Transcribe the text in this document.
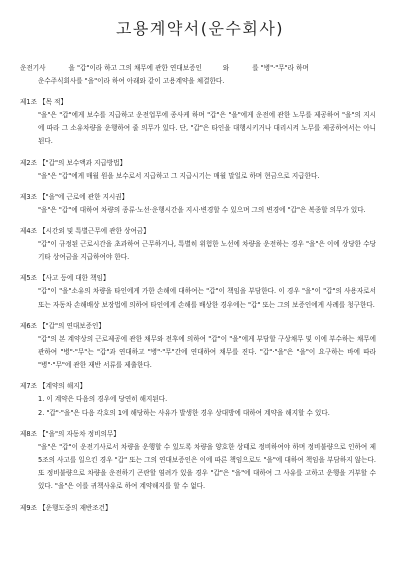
고용계약서(운수회사)
운전기사           을 "갑"이라 하고 그의 채무에 관한 연대보증인          와           를 "병"·"무"라 하며
운수주식회사를 "을"이라 하여 아래와 같이 고용계약을 체결한다.
제1조 【목 적】
"을"은 "갑"에게 보수를 지급하고 운전업무에 종사케 하며 "갑"은 "을"에게 운전에 관한 노무를 제공하여 "을"의 지시에 따라 그 소유차량을 운행하여 줄 의무가 있다. 단, "갑"은 타인을 대행시키거나 대리시켜 노무를 제공하여서는 아니된다.
제2조 【"갑"의 보수액과 지급방법】
"을"은 "갑"에게 매월 원을 보수로서 지급하고 그 지급시기는 매월 말일로 하며 현금으로 지급한다.
제3조 【"을"에 근로에 관한 지시권】
"을"은 "갑"에 대하여 차량의 종류·노선·운행시간을 지시·변경할 수 있으며 그의 변경에 "갑"은 복종할 의무가 있다.
제4조 【시간외 및 특별근무에 관한 상여금】
"갑"이 규정된 근로시간을 초과하여 근무하거나, 특별히 위험한 노선에 차량을 운전하는 경우 "을"은 이에 상당한 수당 기타 상여금을 지급하여야 한다.
제5조 【사고 등에 대한 책임】
"갑"이 "을"소유의 차량을 타인에게 가한 손해에 대하여는 "갑"이 책임을 부담한다. 이 경우 "을"이 "갑"의 사용자로서 또는 자동차 손해배상 보장법에 의하여 타인에게 손해를 배상한 경우에는 "갑" 또는 그의 보증인에게 사례를 청구한다.
제6조 【"갑"의 연대보증인】
"갑"의 본 계약상의 근로제공에 관한 채무와 전후에 의하여 "갑"이 "을"에게 부담할 구상채무 및 이에 부수하는 채무에 관하여 "병"·"무"는 "갑"과 연대하고 "병"·"무"간에 연대하여 채무를 진다. "갑"·"을"은 "을"이 요구하는 바에 따라 "병"·"무"에 관한 재반 서류를 제출한다.
제7조 【계약의 해지】
1. 이 계약은 다음의 경우에 당연히 해지된다.
2. "갑"·"을"은 다음 각호의 1에 해당하는 사유가 발생한 경우 상대방에 대하여 계약을 해지할 수 있다.
제8조 【"을"의 자동차 정비의무】
"을"은 "갑"이 운전기사로서 차량을 운행할 수 있도록 차량을 양호한 상태로 정비하여야 하며 정비불량으로 인하여 제5조의 사고를 일으킨 경우 "갑" 또는 그의 연대보증인은 이에 따른 책임으로도 "을"에 대하여 책임을 부담하지 않는다. 또 정비불량으로 차량을 운전하기 곤란할 염려가 있을 경우 "갑"은 "을"에 대하여 그 사유를 고하고 운행을 거부할 수 있다. "을"은 이를 귀책사유로 하여 계약해지를 할 수 없다.
제9조 【운행도중의 재반조건】
